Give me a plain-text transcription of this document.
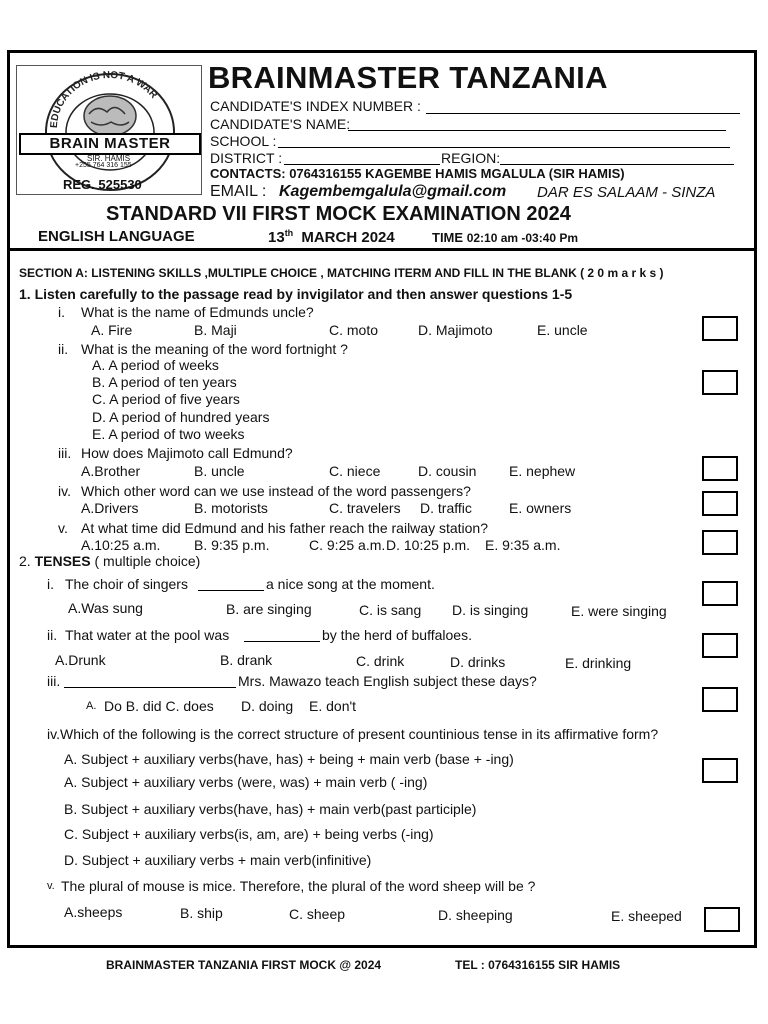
EDUCATION IS NOT A WAR
BRAIN MASTER
SIR. HAMIS
+255 764 316 155
REG. 525530
BRAINMASTER TANZANIA
CANDIDATE'S INDEX NUMBER :
CANDIDATE'S NAME:
SCHOOL :
DISTRICT :	REGION:
CONTACTS: 0764316155 KAGEMBE HAMIS MGALULA (SIR HAMIS)
EMAIL : Kagembemgalula@gmail.com DAR ES SALAAM - SINZA
STANDARD VII FIRST MOCK EXAMINATION 2024
ENGLISH LANGUAGE	13th MARCH 2024	TIME 02:10 am -03:40 Pm
SECTION A: LISTENING SKILLS ,MULTIPLE CHOICE , MATCHING ITERM AND FILL IN THE BLANK ( 2 0 m a r k s )
1. Listen carefully to the passage read by invigilator and then answer questions 1-5
i. What is the name of Edmunds uncle?
A. Fire	B. Maji	C. moto	D. Majimoto	E. uncle
ii. What is the meaning of the word fortnight ?
A. A period of weeks
B. A period of ten years
C. A period of five years
D. A period of hundred years
E. A period of two weeks
iii. How does Majimoto call Edmund?
A.Brother	B. uncle	C. niece	D. cousin E. nephew
iv. Which other word can we use instead of the word passengers?
A.Drivers	B. motorists	C. travelers D. traffic	E. owners
v. At what time did Edmund and his father reach the railway station?
A.10:25 a.m. B. 9:35 p.m.	C. 9:25 a.m. D. 10:25 p.m. E. 9:35 a.m.
2. TENSES ( multiple choice)
i. The choir of singers	a nice song at the moment.
A.Was sung	B. are singing	C. is sang D. is singing	E. were singing
ii. That water at the pool was	by the herd of buffaloes.
A.Drunk	B. drank	C. drink	D. drinks	E. drinking
iii.	Mrs. Mawazo teach English subject these days?
A. Do B. did C. does D. doing E. don't
iv. Which of the following is the correct structure of present countinious tense in its affirmative form?
A. Subject + auxiliary verbs(have, has) + being + main verb (base + -ing)
A. Subject + auxiliary verbs (were, was) + main verb ( -ing)
B. Subject + auxiliary verbs(have, has) + main verb(past participle)
C. Subject + auxiliary verbs(is, am, are) + being verbs (-ing)
D. Subject + auxiliary verbs + main verb(infinitive)
v. The plural of mouse is mice. Therefore, the plural of the word sheep will be ?
A.sheeps	B. ship	C. sheep	D. sheeping	E. sheeped
BRAINMASTER TANZANIA FIRST MOCK @ 2024	TEL : 0764316155 SIR HAMIS
